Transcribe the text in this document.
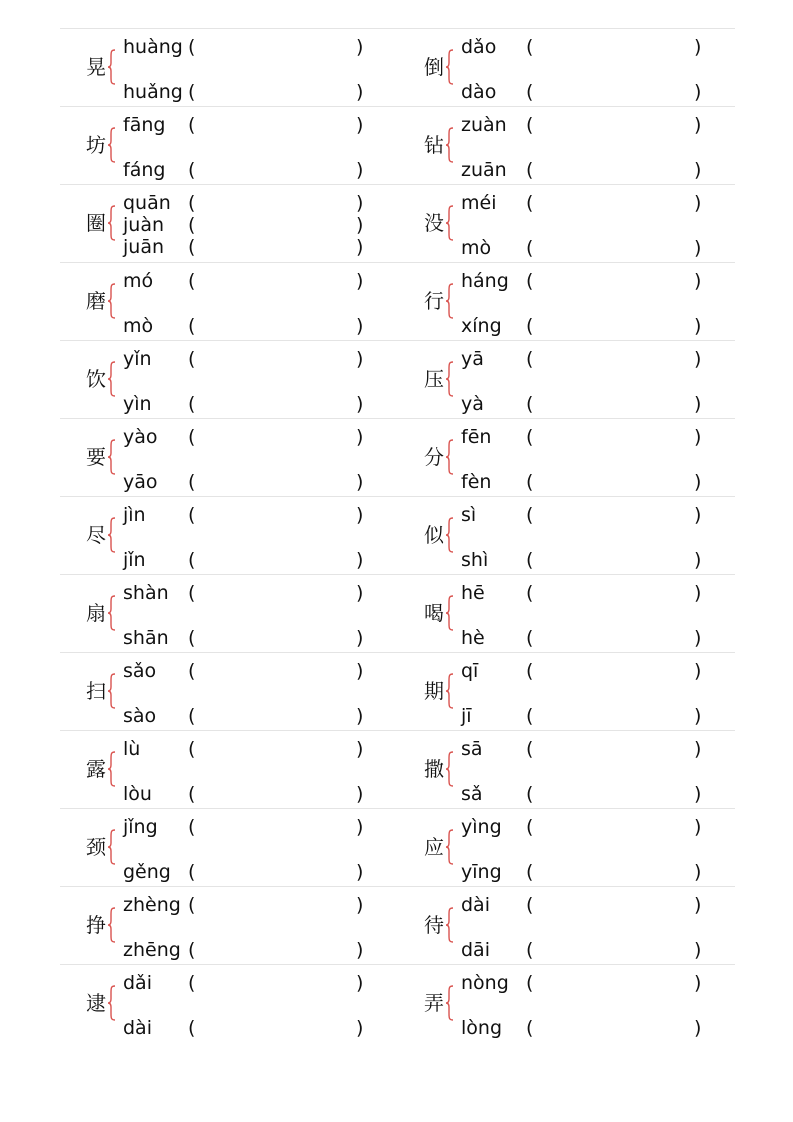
晃
huàng (	)
huǎng (	)
倒
dǎo (	)
dào (	)
坊
fāng (	)
fáng (	)
钻
zuàn (	)
zuān (	)
圈
quān (	)
juàn (	)
juān (	)
没
méi (	)
mò (	)
磨
mó (	)
mò (	)
行
háng (	)
xíng (	)
饮
yǐn (	)
yìn (	)
压
yā (	)
yà (	)
要
yào (	)
yāo (	)
分
fēn (	)
fèn (	)
尽
jìn (	)
jǐn (	)
似
sì	(	)
shì (	)
扇
shàn (	)
shān (	)
喝
hē (	)
hè (	)
扫
sǎo (	)
sào (	)
期
qī	(	)
jī	(	)
露
lù	(	)
lòu (	)
撒
sā (	)
sǎ (	)
颈
jǐng (	)
gěng (	)
应
yìng (	)
yīng (	)
挣
zhèng (	)
zhēng (	)
待
dài (	)
dāi (	)
逮
dǎi (	)
dài (	)
弄
nòng (	)
lòng (	)
